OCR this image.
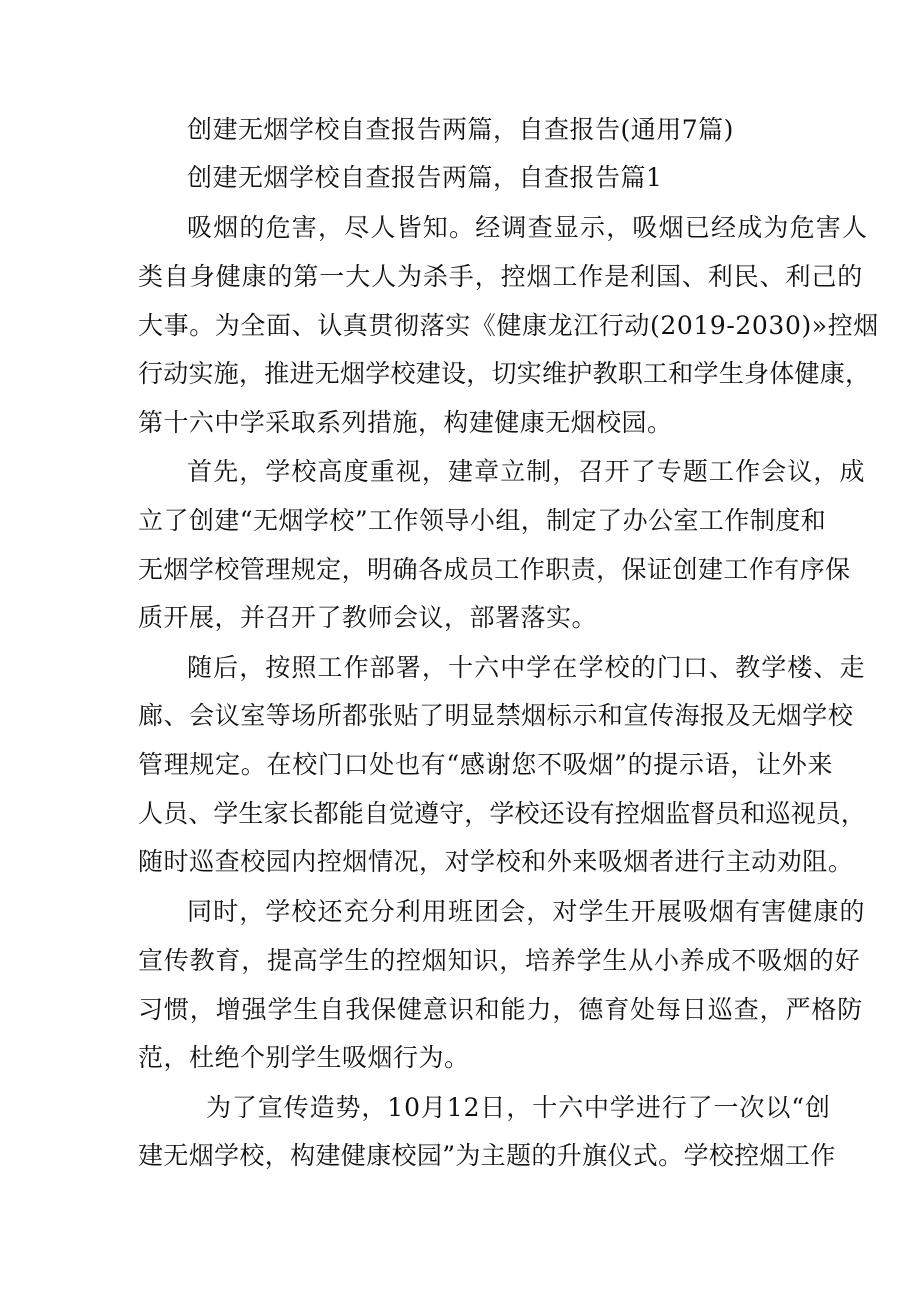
创建无烟学校自查报告两篇，自查报告(通用7篇)

创建无烟学校自查报告两篇，自查报告篇1

吸烟的危害，尽人皆知。经调查显示，吸烟已经成为危害人

类自身健康的第一大人为杀手，控烟工作是利国、利民、利己的

大事。为全面、认真贯彻落实《健康龙江行动(2019-2030)»控烟

行动实施，推进无烟学校建设，切实维护教职工和学生身体健康，

第十六中学采取系列措施，构建健康无烟校园。

首先，学校高度重视，建章立制，召开了专题工作会议，成

立了创建“无烟学校”工作领导小组，制定了办公室工作制度和

无烟学校管理规定，明确各成员工作职责，保证创建工作有序保

质开展，并召开了教师会议，部署落实。

随后，按照工作部署，十六中学在学校的门口、教学楼、走

廊、会议室等场所都张贴了明显禁烟标示和宣传海报及无烟学校

管理规定。在校门口处也有“感谢您不吸烟”的提示语，让外来

人员、学生家长都能自觉遵守，学校还设有控烟监督员和巡视员，

随时巡查校园内控烟情况，对学校和外来吸烟者进行主动劝阻。

同时，学校还充分利用班团会，对学生开展吸烟有害健康的

宣传教育，提高学生的控烟知识，培养学生从小养成不吸烟的好

习惯，增强学生自我保健意识和能力，德育处每日巡查，严格防

范，杜绝个别学生吸烟行为。

为了宣传造势，10月12日，十六中学进行了一次以“创

建无烟学校，构建健康校园”为主题的升旗仪式。学校控烟工作
